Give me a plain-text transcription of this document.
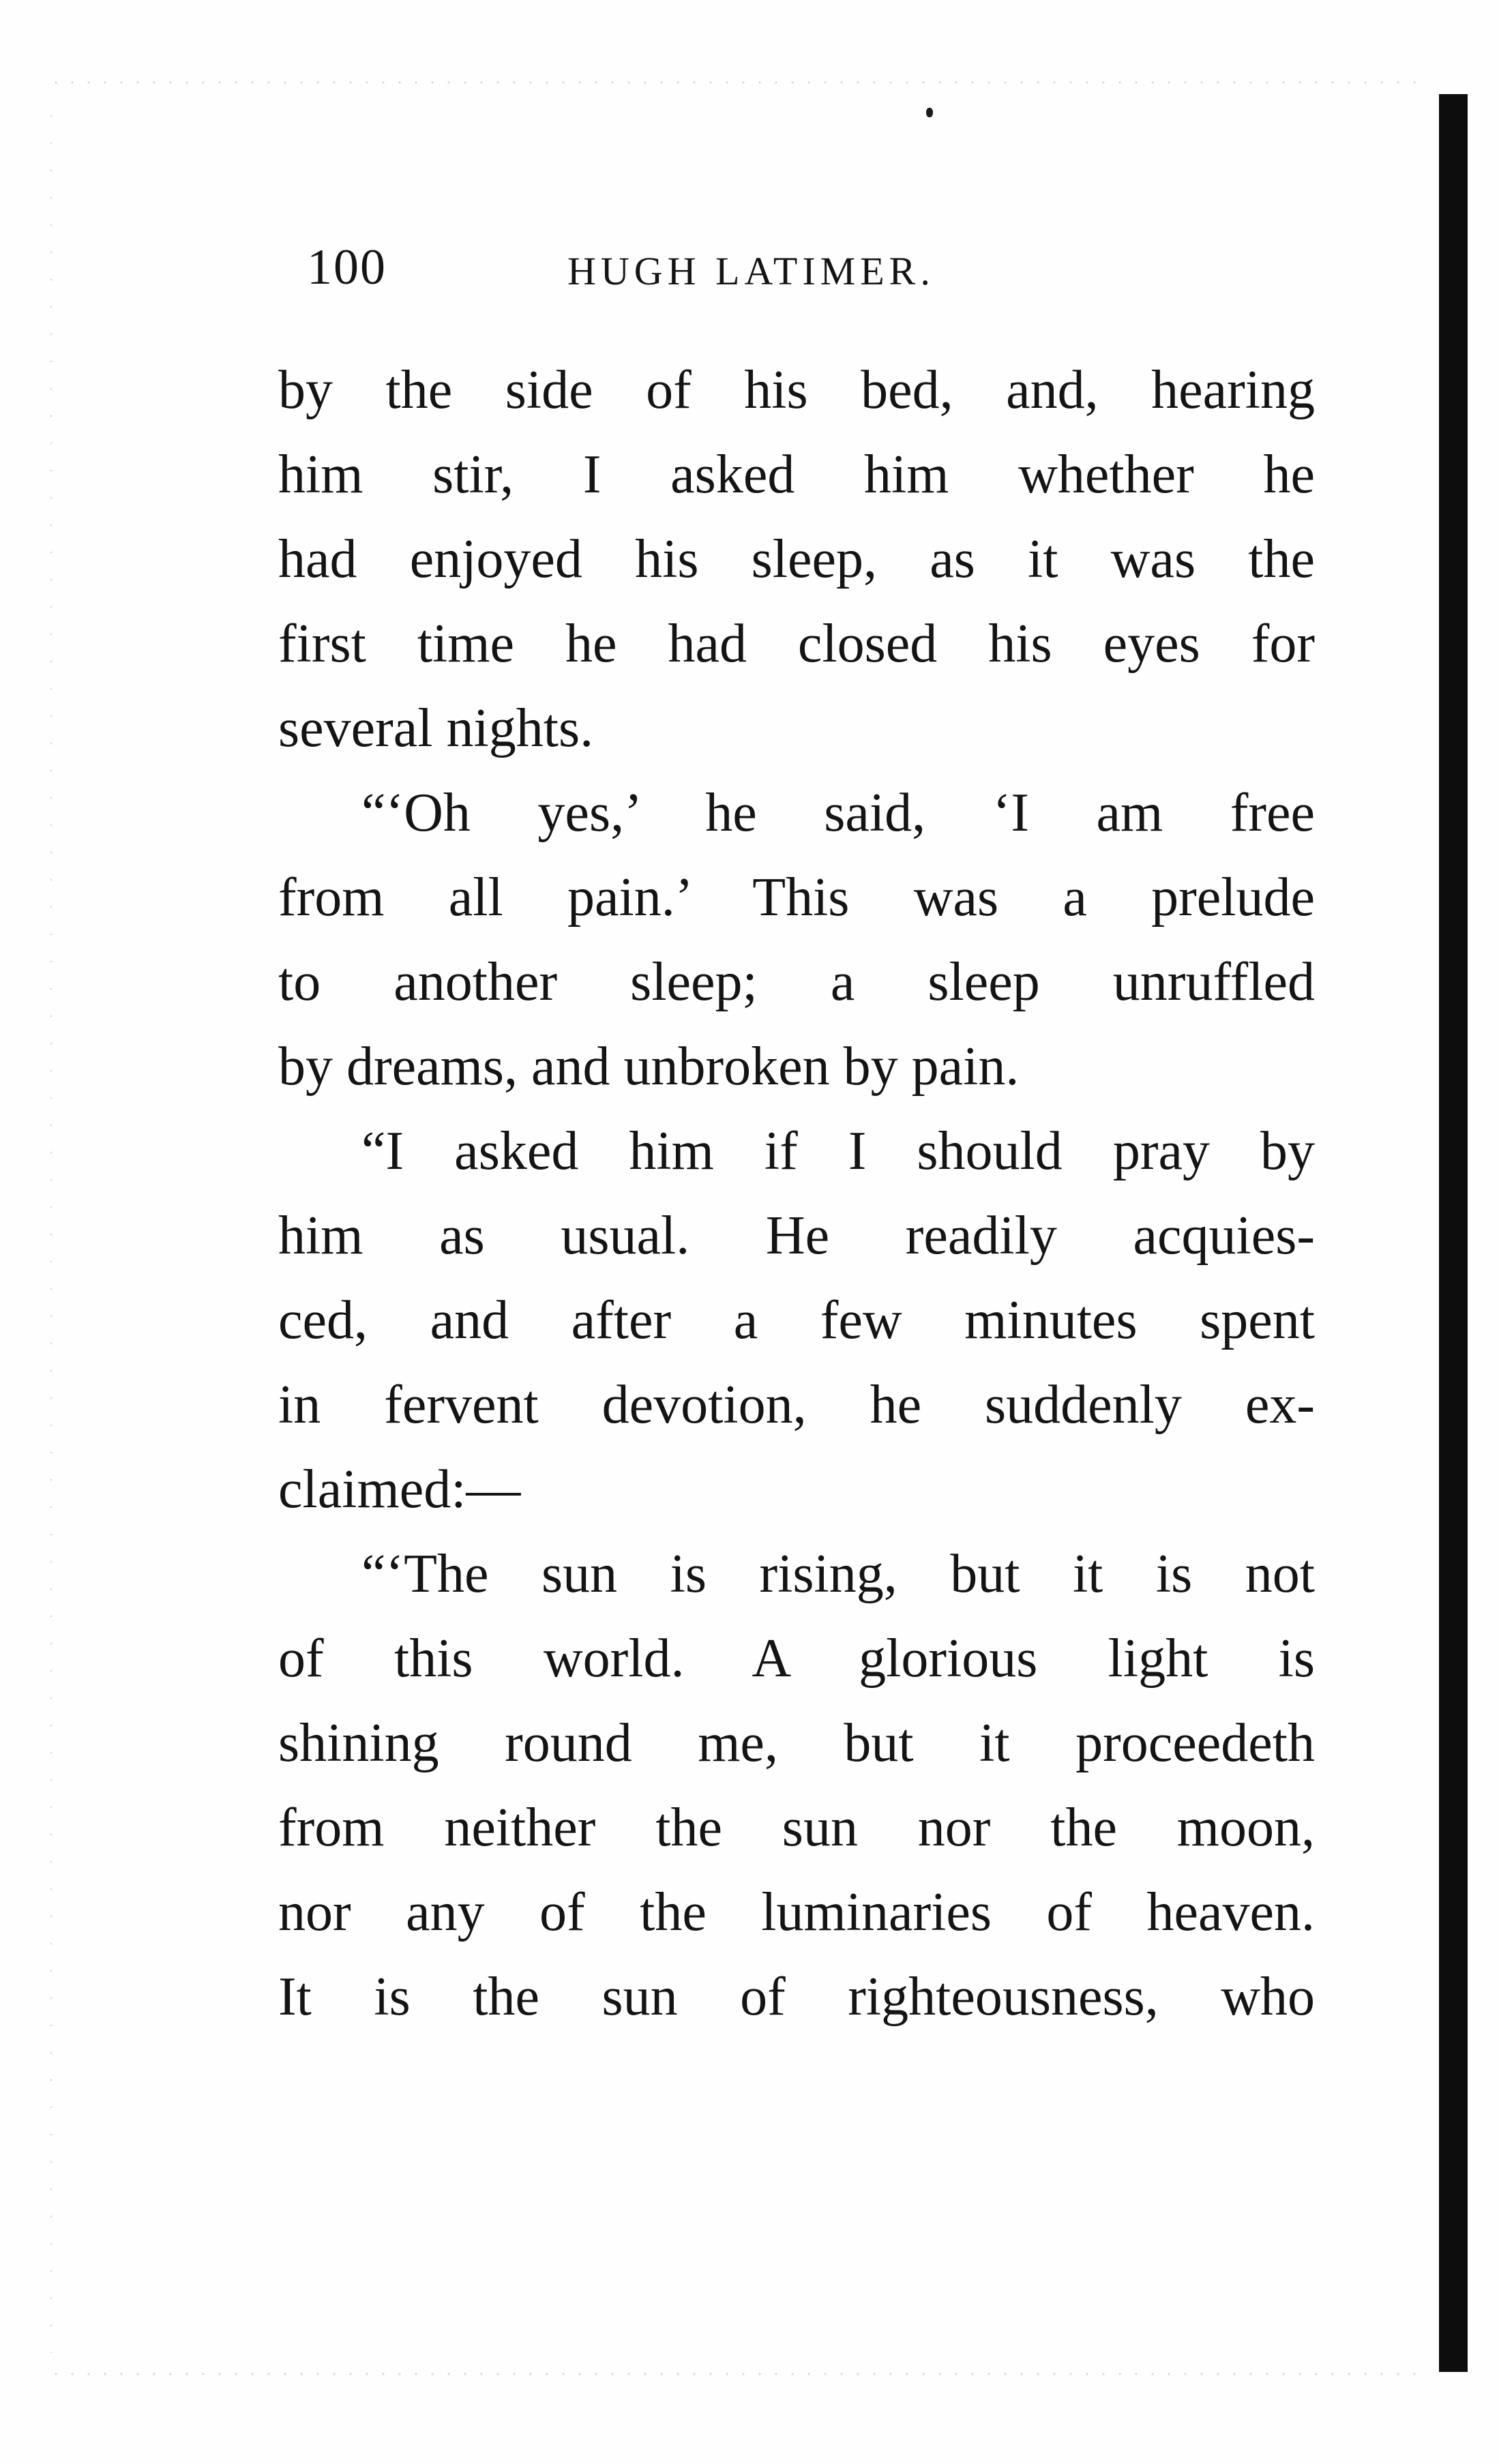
100	HUGH LATIMER.
by the side of his bed, and, hearing
him stir, I asked him whether he
had enjoyed his sleep, as it was the
first time he had closed his eyes for
several nights.
“‘Oh yes,’ he said, ‘I am free
from all pain.’ This was a prelude
to another sleep; a sleep unruffled
by dreams, and unbroken by pain.
“I asked him if I should pray by
him as usual. He readily acquies-
ced, and after a few minutes spent
in fervent devotion, he suddenly ex-
claimed:—
“‘The sun is rising, but it is not
of this world. A glorious light is
shining round me, but it proceedeth
from neither the sun nor the moon,
nor any of the luminaries of heaven.
It is the sun of righteousness, who
